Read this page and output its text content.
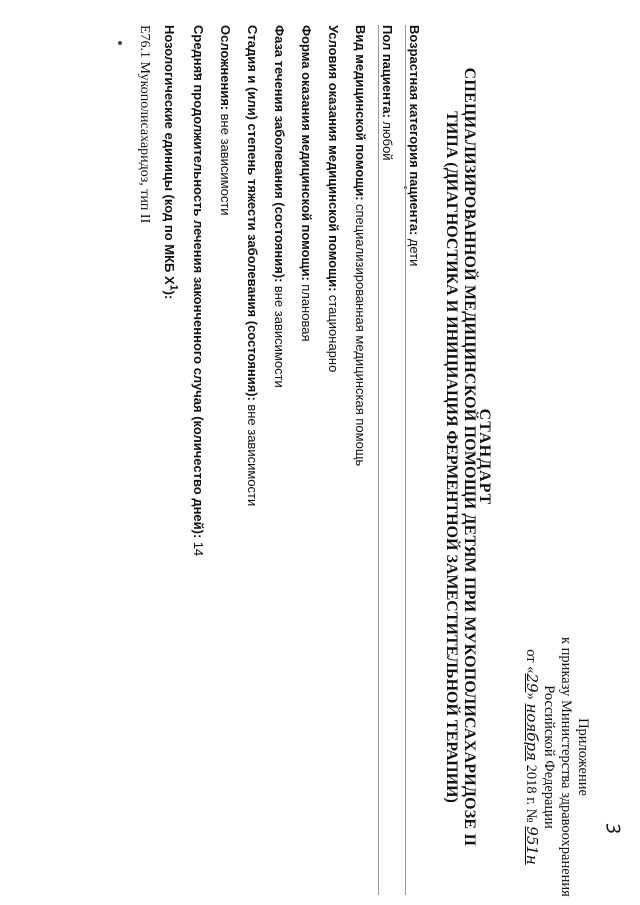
Приложение
к приказу Министерства здравоохранения
Российской Федерации
от «29» ноября 2018 г. № 951н	3
СТАНДАРТ
СПЕЦИАЛИЗИРОВАННОЙ МЕДИЦИНСКОЙ ПОМОЩИ ДЕТЯМ ПРИ МУКОПОЛИСАХАРИДОЗЕ II
ТИПА (ДИАГНОСТИКА И ИНИЦИАЦИЯ ФЕРМЕНТНОЙ ЗАМЕСТИТЕЛЬНОЙ ТЕРАПИИ)
Возрастная категория пациента: дети
Пол пациента: любой
Вид медицинской помощи: специализированная медицинская помощь
Условия оказания медицинской помощи: стационарно
Форма оказания медицинской помощи: плановая
Фаза течения заболевания (состояния): вне зависимости
Стадия и (или) степень тяжести заболевания (состояния): вне зависимости
Осложнения: вне зависимости
Средняя продолжительность лечения законченного случая (количество дней): 14
Нозологические единицы (код по МКБ $X^1$):
E76.1 Мукополисахаридоз, тип II
